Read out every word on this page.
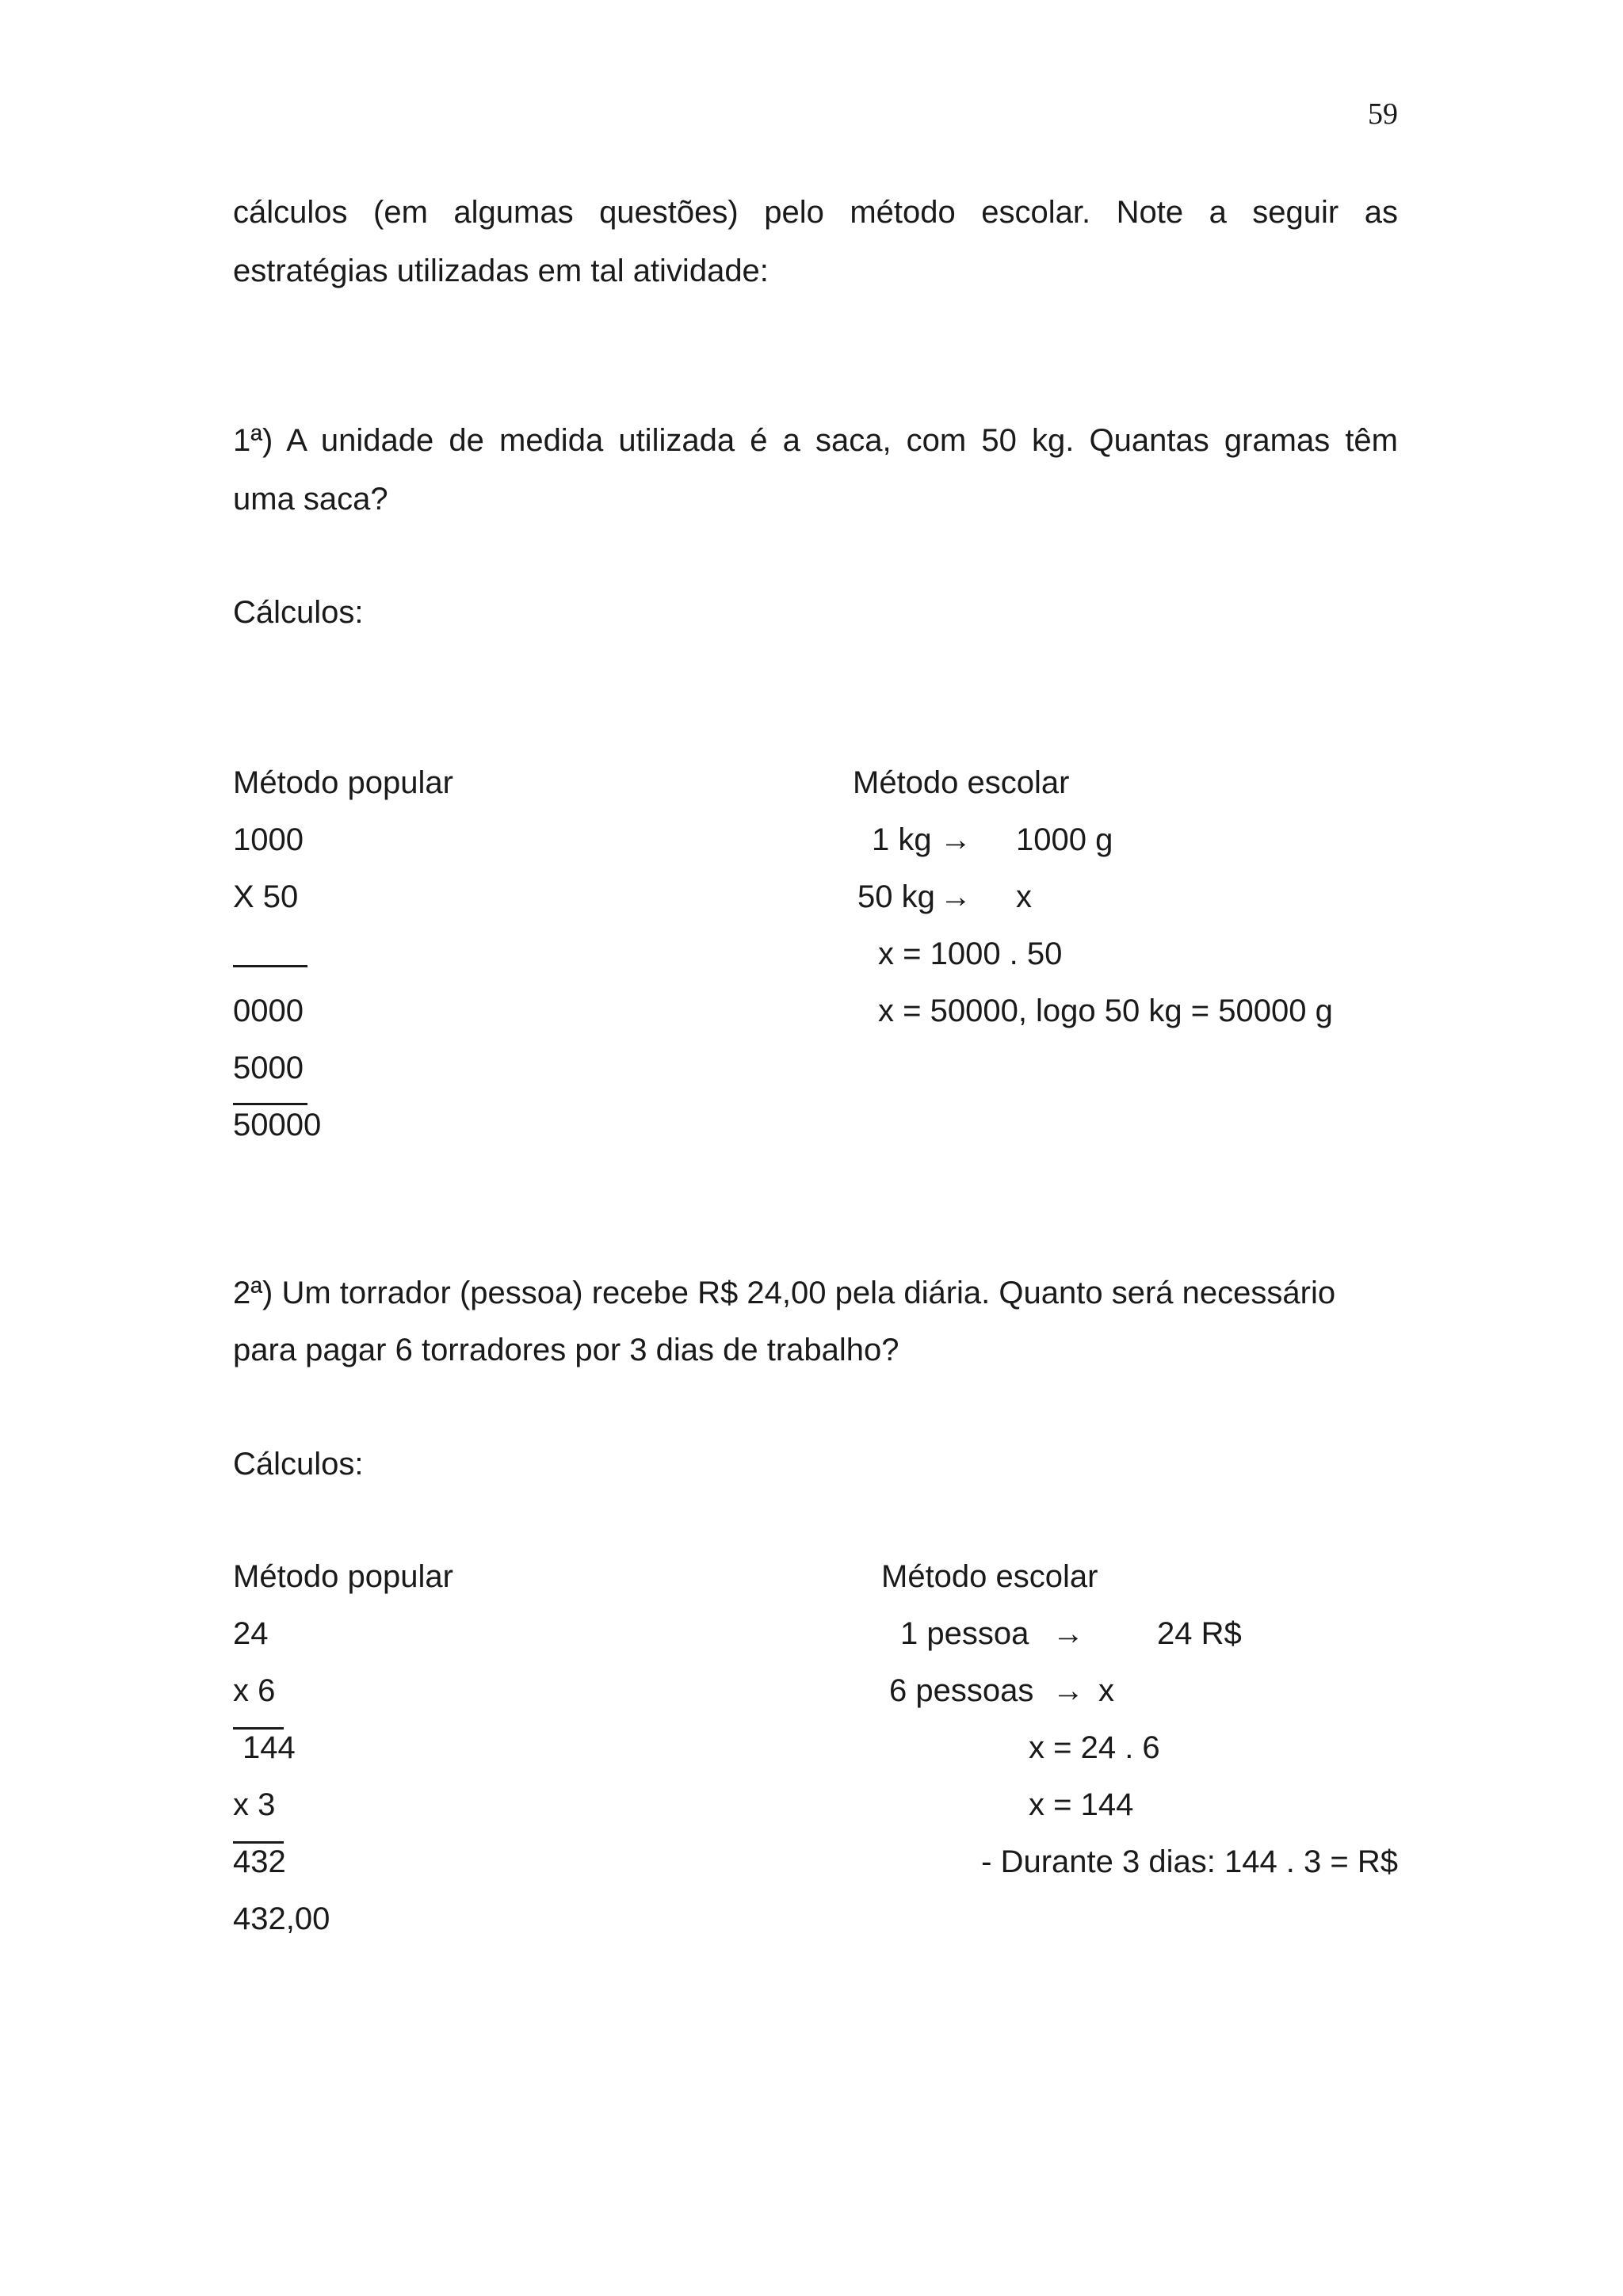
59
cálculos (em algumas questões) pelo método escolar. Note a seguir as
estratégias utilizadas em tal atividade:
1ª) A unidade de medida utilizada é a saca, com 50 kg. Quantas gramas têm
uma saca?
Cálculos:
Método popular
1000
X 50
0000
5000
50000
Método escolar
1 kg → 1000 g
50 kg → x
x = 1000 . 50
x = 50000, logo 50 kg = 50000 g
2ª) Um torrador (pessoa) recebe R$ 24,00 pela diária. Quanto será necessário
para pagar 6 torradores por 3 dias de trabalho?
Cálculos:
Método popular
24
x 6
144
x 3
432
432,00
Método escolar
1 pessoa → 24 R$
6 pessoas → x
x = 24 . 6
x = 144
- Durante 3 dias: 144 . 3 = R$
